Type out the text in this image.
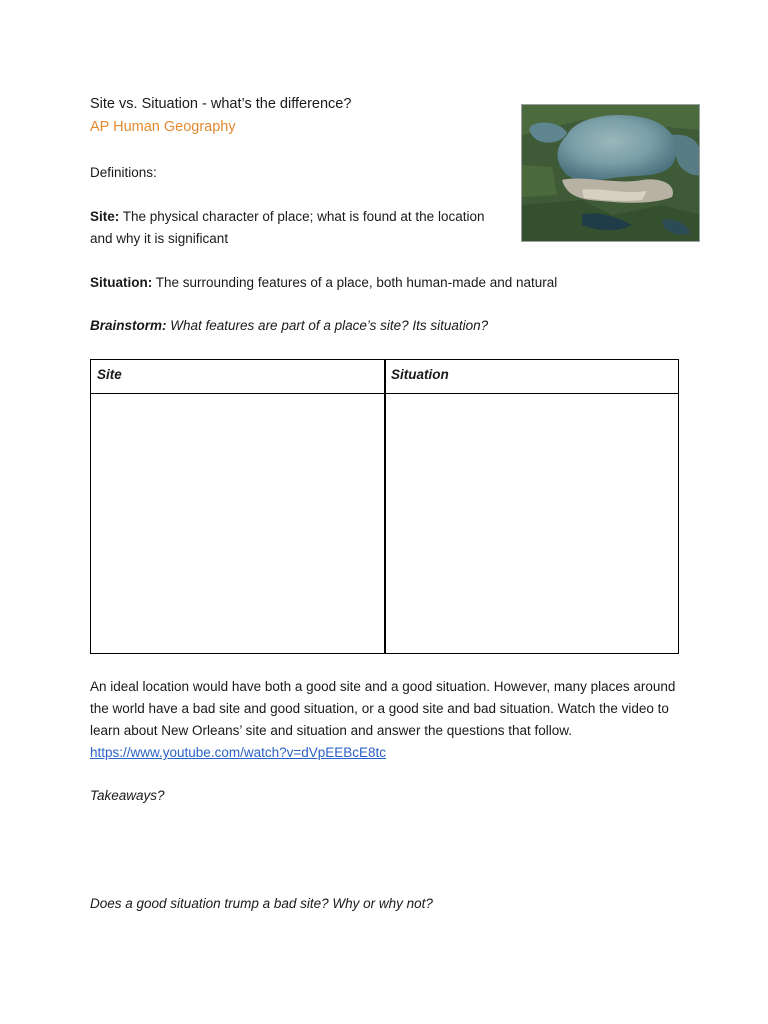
Site vs. Situation - what’s the difference?
AP Human Geography
Definitions:
Site: The physical character of place; what is found at the location and why it is significant
Situation: The surrounding features of a place, both human-made and natural
Brainstorm: What features are part of a place’s site? Its situation?
Site	Situation
An ideal location would have both a good site and a good situation. However, many places around the world have a bad site and good situation, or a good site and bad situation. Watch the video to learn about New Orleans’ site and situation and answer the questions that follow.
https://www.youtube.com/watch?v=dVpEEBcE8tc
Takeaways?
Does a good situation trump a bad site? Why or why not?
